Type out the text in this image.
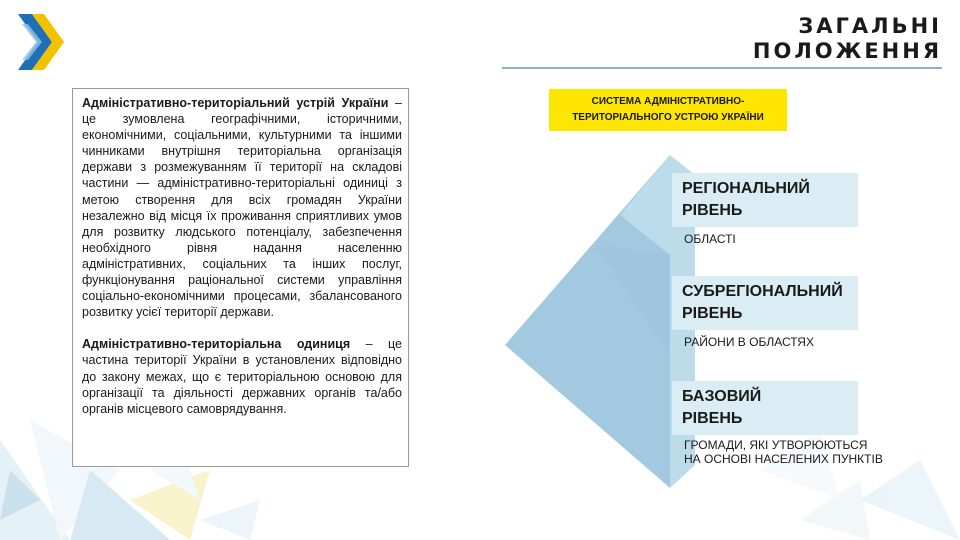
ЗАГАЛЬНІ
ПОЛОЖЕННЯ

Адміністративно-територіальний устрій України – це зумовлена географічними, історичними, економічними, соціальними, культурними та іншими чинниками внутрішня територіальна організація держави з розмежуванням її території на складові частини — адміністративно-територіальні одиниці з метою створення для всіх громадян України незалежно від місця їх проживання сприятливих умов для розвитку людського потенціалу, забезпечення необхідного рівня надання населенню адміністративних, соціальних та інших послуг, функціонування раціональної системи управління соціально-економічними процесами, збалансованого розвитку усієї території держави.

Адміністративно-територіальна одиниця – це частина території України в установлених відповідно до закону межах, що є територіальною основою для організації та діяльності державних органів та/або органів місцевого самоврядування.

СИСТЕМА АДМІНІСТРАТИВНО-
ТЕРИТОРІАЛЬНОГО УСТРОЮ УКРАЇНИ
РЕГІОНАЛЬНИЙ
РІВЕНЬ
ОБЛАСТІ
СУБРЕГІОНАЛЬНИЙ
РІВЕНЬ
РАЙОНИ В ОБЛАСТЯХ
БАЗОВИЙ
РІВЕНЬ
ГРОМАДИ, ЯКІ УТВОРЮЮТЬСЯ
НА ОСНОВІ НАСЕЛЕНИХ ПУНКТІВ
